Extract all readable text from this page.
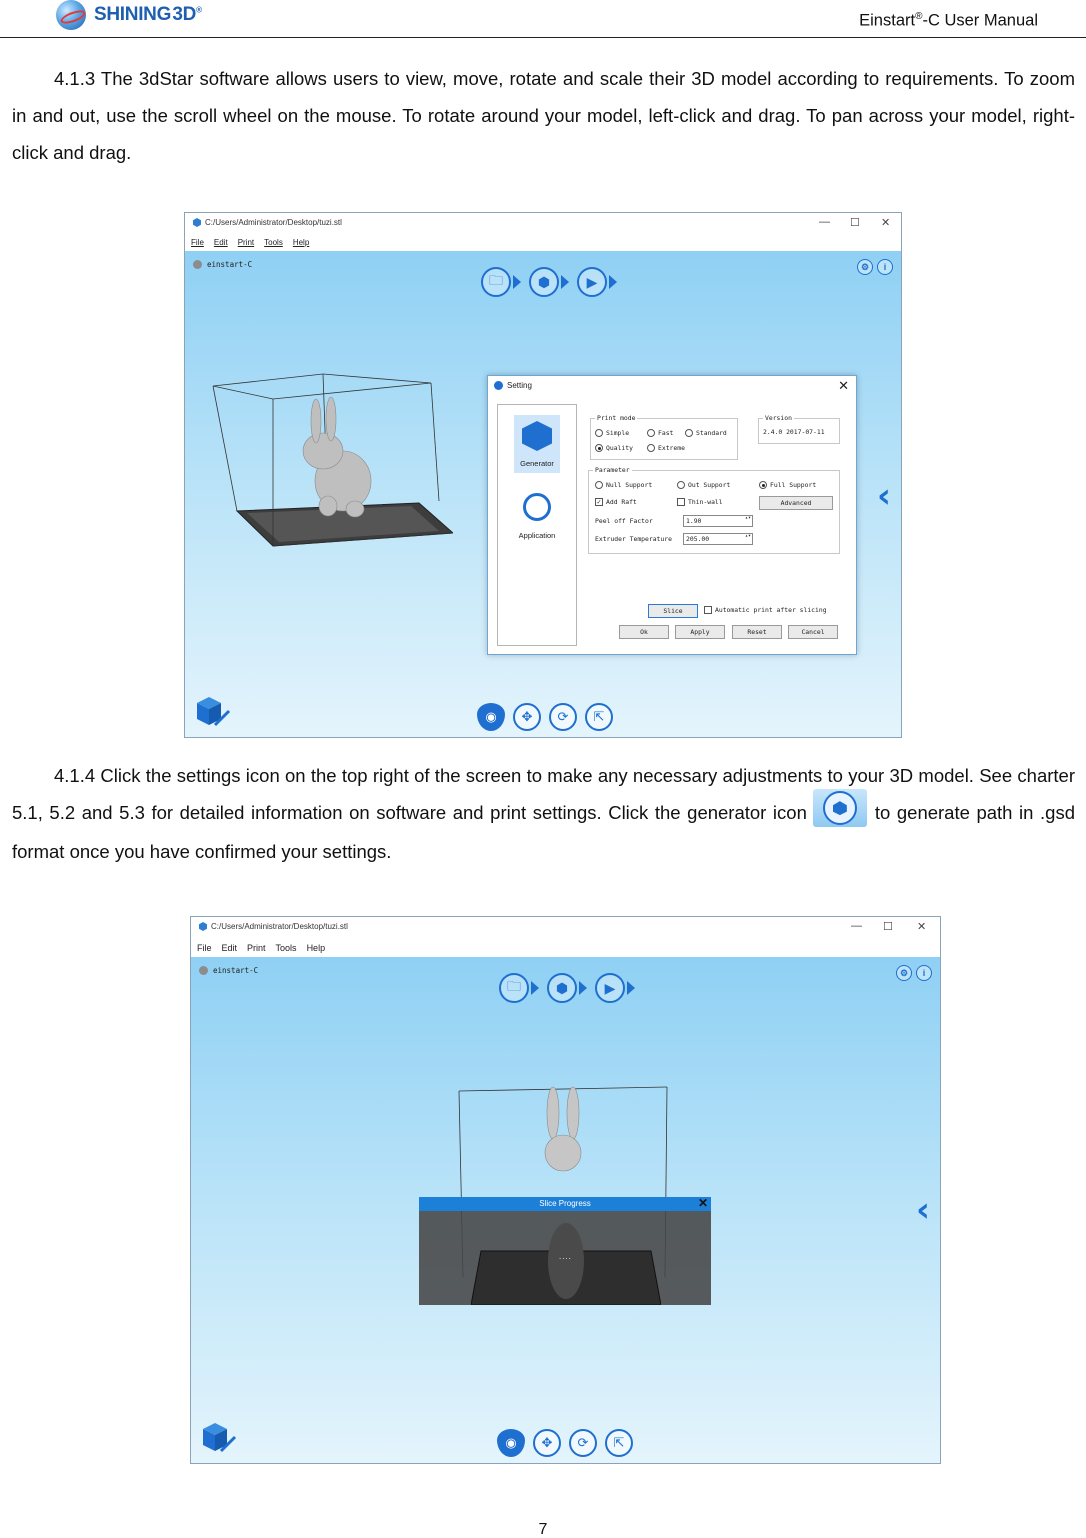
SHINING 3D®
Einstart®-C User Manual

4.1.3 The 3dStar software allows users to view, move, rotate and scale their 3D model according to requirements. To zoom in and out, use the scroll wheel on the mouse. To rotate around your model, left-click and drag. To pan across your model, right-click and drag.

C:/Users/Administrator/Desktop/tuzi.stl	— ☐ ✕
File Edit Print Tools Help
einstart-C
🗀 ⬢	▶
⚙ i
‹
Setting	✕
Generator
Application
Print mode
Simple	Fast	Standard
Quality	Extreme
Version
2.4.0 2017-07-11
Parameter
Null Support	Out Support	Full Support
✓ Add Raft	Thin-wall	Advanced
Peel off Factor	1.90 ▴▾
Extruder Temperature	205.00 ▴▾
Slice	Automatic print after slicing
Ok	Apply	Reset	Cancel
◉ ✥ ⟳ ⇱

4.1.4 Click the settings icon on the top right of the screen to make any necessary adjustments to your 3D model. See charter 5.1, 5.2 and 5.3 for detailed information on software and print settings. Click the generator icon	to generate path in .gsd format once you have confirmed your settings.

C:/Users/Administrator/Desktop/tuzi.stl	— ☐ ✕
File Edit Print Tools Help
einstart-C
🗀 ⬢	▶
⚙ i
‹
Slice Progress	✕
....
◉ ✥ ⟳ ⇱
7
